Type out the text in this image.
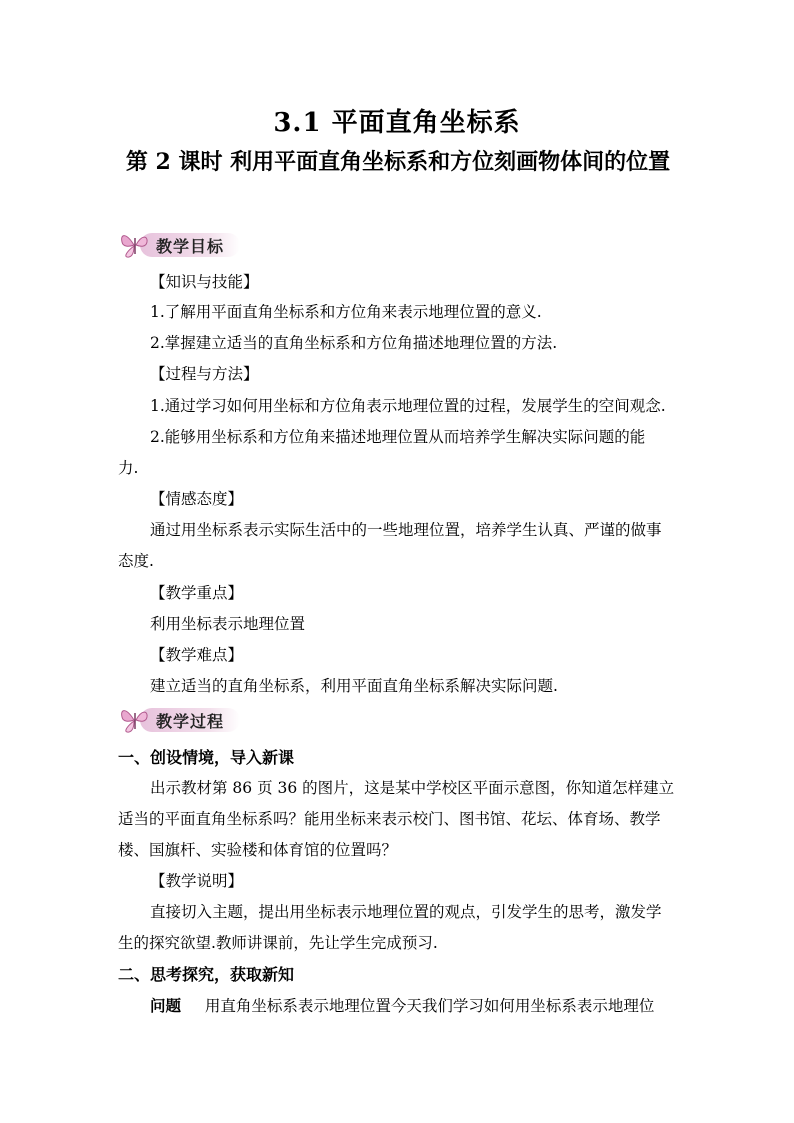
3.1 平面直角坐标系
第 2 课时 利用平面直角坐标系和方位刻画物体间的位置
教学目标
【知识与技能】
1.了解用平面直角坐标系和方位角来表示地理位置的意义.
2.掌握建立适当的直角坐标系和方位角描述地理位置的方法.
【过程与方法】
1.通过学习如何用坐标和方位角表示地理位置的过程，发展学生的空间观念.
2.能够用坐标系和方位角来描述地理位置从而培养学生解决实际问题的能
力.
【情感态度】
通过用坐标系表示实际生活中的一些地理位置，培养学生认真、严谨的做事
态度.
【教学重点】
利用坐标表示地理位置
【教学难点】
建立适当的直角坐标系，利用平面直角坐标系解决实际问题.
教学过程
一、创设情境，导入新课
出示教材第 86 页 36 的图片，这是某中学校区平面示意图，你知道怎样建立
适当的平面直角坐标系吗？能用坐标来表示校门、图书馆、花坛、体育场、教学
楼、国旗杆、实验楼和体育馆的位置吗？
【教学说明】
直接切入主题，提出用坐标表示地理位置的观点，引发学生的思考，激发学
生的探究欲望.教师讲课前，先让学生完成预习.
二、思考探究，获取新知
问题 用直角坐标系表示地理位置今天我们学习如何用坐标系表示地理位
